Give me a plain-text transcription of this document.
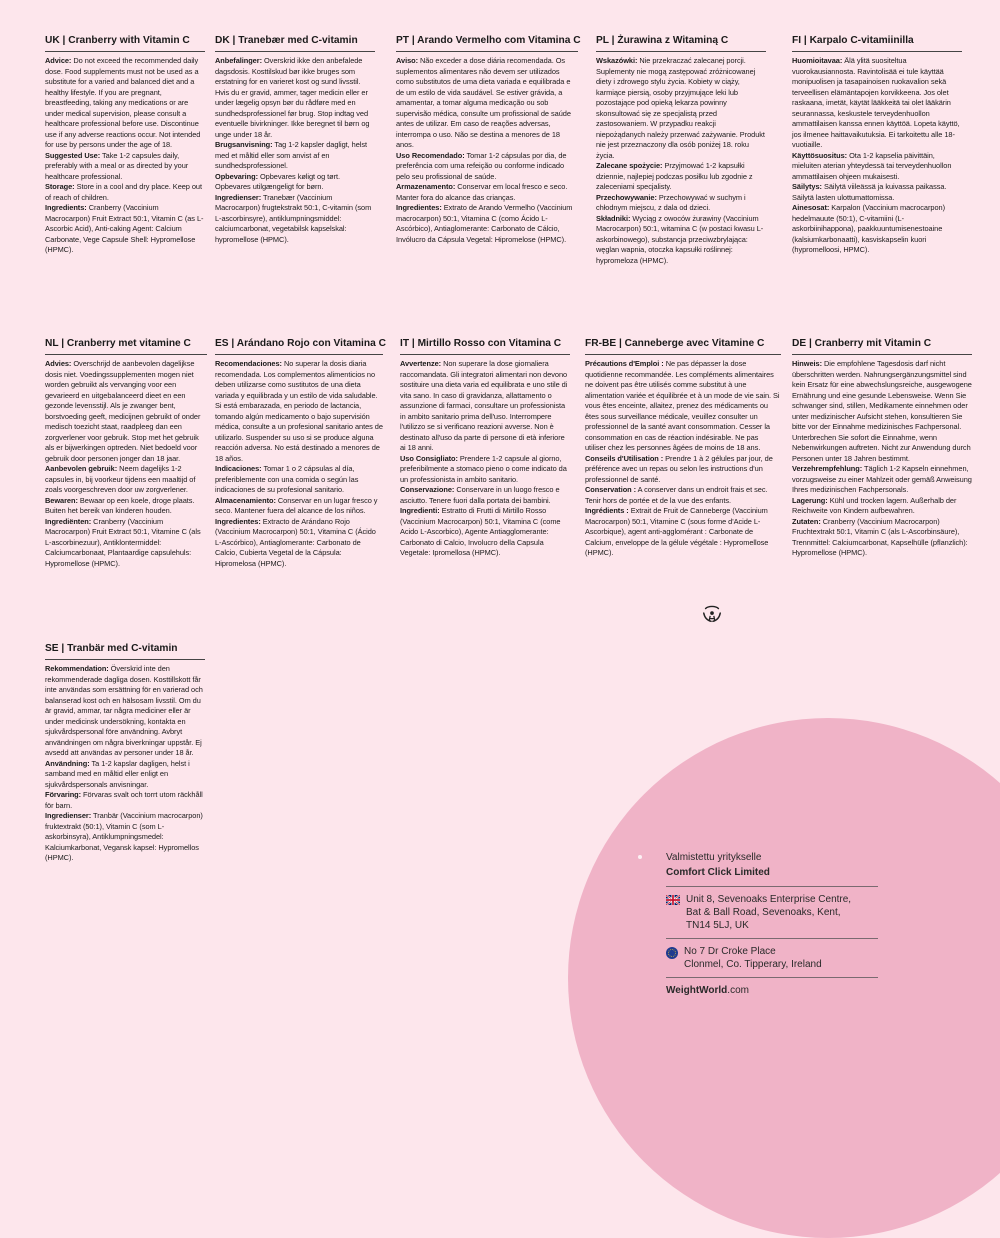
UK | Cranberry with Vitamin C

Advice: Do not exceed the recommended daily dose. Food supplements must not be used as a substitute for a varied and balanced diet and a healthy lifestyle. If you are pregnant, breastfeeding, taking any medications or are under medical supervision, please consult a healthcare professional before use. Discontinue use if any adverse reactions occur. Not intended for use by persons under the age of 18.

Suggested Use: Take 1-2 capsules daily, preferably with a meal or as directed by your healthcare professional.

Storage: Store in a cool and dry place. Keep out of reach of children.

Ingredients: Cranberry (Vaccinium Macrocarpon) Fruit Extract 50:1, Vitamin C (as L-Ascorbic Acid), Anti-caking Agent: Calcium Carbonate, Vege Capsule Shell: Hypromellose (HPMC).

DK | Tranebær med C-vitamin

Anbefalinger: Overskrid ikke den anbefalede dagsdosis. Kosttilskud bør ikke bruges som erstatning for en varieret kost og sund livsstil. Hvis du er gravid, ammer, tager medicin eller er under lægelig opsyn bør du rådføre med en sundhedsprofessionel før brug. Stop indtag ved eventuelle bivirkninger. Ikke beregnet til børn og unge under 18 år.

Brugsanvisning: Tag 1-2 kapsler dagligt, helst med et måltid eller som anvist af en sundhedsprofessionel.

Opbevaring: Opbevares køligt og tørt. Opbevares utilgængeligt for børn.

Ingredienser: Tranebær (Vaccinium Macrocarpon) frugtekstrakt 50:1, C-vitamin (som L-ascorbinsyre), antiklumpningsmiddel: calciumcarbonat, vegetabilsk kapselskal: hypromellose (HPMC).

PT | Arando Vermelho com Vitamina C

Aviso: Não exceder a dose diária recomendada. Os suplementos alimentares não devem ser utilizados como substitutos de uma dieta variada e equilibrada e de um estilo de vida saudável. Se estiver grávida, a amamentar, a tomar alguma medicação ou sob supervisão médica, consulte um profissional de saúde antes de utilizar. Em caso de reações adversas, interrompa o uso. Não se destina a menores de 18 anos.

Uso Recomendado: Tomar 1-2 cápsulas por dia, de preferência com uma refeição ou conforme indicado pelo seu profissional de saúde.

Armazenamento: Conservar em local fresco e seco. Manter fora do alcance das crianças.

Ingredientes: Extrato de Arando Vermelho (Vaccinium macrocarpon) 50:1, Vitamina C (como Ácido L-Ascórbico), Antiaglomerante: Carbonato de Cálcio, Invólucro da Cápsula Vegetal: Hipromelose (HPMC).

PL | Żurawina z Witaminą C

Wskazówki: Nie przekraczać zalecanej porcji. Suplementy nie mogą zastępować zróżnicowanej diety i zdrowego stylu życia. Kobiety w ciąży, karmiące piersią, osoby przyjmujące leki lub pozostające pod opieką lekarza powinny skonsultować się ze specjalistą przed zastosowaniem. W przypadku reakcji niepożądanych należy przerwać zażywanie. Produkt nie jest przeznaczony dla osób poniżej 18. roku życia.

Zalecane spożycie: Przyjmować 1-2 kapsułki dziennie, najlepiej podczas posiłku lub zgodnie z zaleceniami specjalisty.

Przechowywanie: Przechowywać w suchym i chłodnym miejscu, z dala od dzieci.

Składniki: Wyciąg z owoców żurawiny (Vaccinium Macrocarpon) 50:1, witamina C (w postaci kwasu L-askorbinowego), substancja przeciwzbrylająca: węglan wapnia, otoczka kapsułki roślinnej: hypromeloza (HPMC).

FI | Karpalo C-vitamiinilla

Huomioitavaa: Älä ylitä suositeltua vuorokausiannosta. Ravintolisää ei tule käyttää monipuolisen ja tasapainoisen ruokavalion sekä terveellisen elämäntapojen korvikkeena. Jos olet raskaana, imetät, käytät lääkkeitä tai olet lääkärin seurannassa, keskustele terveydenhuollon ammattilaisen kanssa ennen käyttöä. Lopeta käyttö, jos ilmenee haittavaikutuksia. Ei tarkoitettu alle 18-vuotiaille.

Käyttösuositus: Ota 1-2 kapselia päivittäin, mieluiten aterian yhteydessä tai terveydenhuollon ammattilaisen ohjeen mukaisesti.

Säilytys: Säilytä viileässä ja kuivassa paikassa. Säilytä lasten ulottumattomissa.

Ainesosat: Karpalon (Vaccinium macrocarpon) hedelmauute (50:1), C-vitamiini (L-askorbiinihappona), paakkuuntumisenestoaine (kalsiumkarbonaatti), kasviskapselin kuori (hypromelloosi, HPMC).

NL | Cranberry met vitamine C

Advies: Overschrijd de aanbevolen dagelijkse dosis niet. Voedingssupplementen mogen niet worden gebruikt als vervanging voor een gevarieerd en uitgebalanceerd dieet en een gezonde levensstijl. Als je zwanger bent, borstvoeding geeft, medicijnen gebruikt of onder medisch toezicht staat, raadpleeg dan een zorgverlener voor gebruik. Stop met het gebruik als er bijwerkingen optreden. Niet bedoeld voor gebruik door personen jonger dan 18 jaar.

Aanbevolen gebruik: Neem dagelijks 1-2 capsules in, bij voorkeur tijdens een maaltijd of zoals voorgeschreven door uw zorgverlener.

Bewaren: Bewaar op een koele, droge plaats. Buiten het bereik van kinderen houden.

Ingrediënten: Cranberry (Vaccinium Macrocarpon) Fruit Extract 50:1, Vitamine C (als L-ascorbinezuur), Antiklontermiddel: Calciumcarbonaat, Plantaardige capsulehuls: Hypromellose (HPMC).

ES | Arándano Rojo con Vitamina C

Recomendaciones: No superar la dosis diaria recomendada. Los complementos alimenticios no deben utilizarse como sustitutos de una dieta variada y equilibrada y un estilo de vida saludable. Si está embarazada, en periodo de lactancia, tomando algún medicamento o bajo supervisión médica, consulte a un profesional sanitario antes de utilizarlo. Suspender su uso si se produce alguna reacción adversa. No está destinado a menores de 18 años.

Indicaciones: Tomar 1 o 2 cápsulas al día, preferiblemente con una comida o según las indicaciones de su profesional sanitario.

Almacenamiento: Conservar en un lugar fresco y seco. Mantener fuera del alcance de los niños.

Ingredientes: Extracto de Arándano Rojo (Vaccinium Macrocarpon) 50:1, Vitamina C (Ácido L-Ascórbico), Antiaglomerante: Carbonato de Calcio, Cubierta Vegetal de la Cápsula: Hipromelosa (HPMC).

IT | Mirtillo Rosso con Vitamina C

Avvertenze: Non superare la dose giornaliera raccomandata. Gli integratori alimentari non devono sostituire una dieta varia ed equilibrata e uno stile di vita sano. In caso di gravidanza, allattamento o assunzione di farmaci, consultare un professionista in ambito sanitario prima dell'uso. Interrompere l'utilizzo se si verificano reazioni avverse. Non è destinato all'uso da parte di persone di età inferiore ai 18 anni.

Uso Consigliato: Prendere 1-2 capsule al giorno, preferibilmente a stomaco pieno o come indicato da un professionista in ambito sanitario.

Conservazione: Conservare in un luogo fresco e asciutto. Tenere fuori dalla portata dei bambini.

Ingredienti: Estratto di Frutti di Mirtillo Rosso (Vaccinium Macrocarpon) 50:1, Vitamina C (come Acido L-Ascorbico), Agente Antiagglomerante: Carbonato di Calcio, Involucro della Capsula Vegetale: Ipromellosa (HPMC).

FR-BE | Canneberge avec Vitamine C

Précautions d'Emploi : Ne pas dépasser la dose quotidienne recommandée. Les compléments alimentaires ne doivent pas être utilisés comme substitut à une alimentation variée et équilibrée et à un mode de vie sain. Si vous êtes enceinte, allaitez, prenez des médicaments ou êtes sous surveillance médicale, veuillez consulter un professionnel de la santé avant consommation. Cesser la consommation en cas de réaction indésirable. Ne pas utiliser chez les personnes âgées de moins de 18 ans.

Conseils d'Utilisation : Prendre 1 à 2 gélules par jour, de préférence avec un repas ou selon les instructions d'un professionnel de santé.

Conservation : A conserver dans un endroit frais et sec. Tenir hors de portée et de la vue des enfants.

Ingrédients : Extrait de Fruit de Canneberge (Vaccinium Macrocarpon) 50:1, Vitamine C (sous forme d'Acide L-Ascorbique), agent anti-agglomérant : Carbonate de Calcium, enveloppe de la gélule végétale : Hypromellose (HPMC).

DE | Cranberry mit Vitamin C

Hinweis: Die empfohlene Tagesdosis darf nicht überschritten werden. Nahrungsergänzungsmittel sind kein Ersatz für eine abwechslungsreiche, ausgewogene Ernährung und eine gesunde Lebensweise. Wenn Sie schwanger sind, stillen, Medikamente einnehmen oder unter medizinischer Aufsicht stehen, konsultieren Sie bitte vor der Einnahme medizinisches Fachpersonal. Unterbrechen Sie sofort die Einnahme, wenn Nebenwirkungen auftreten. Nicht zur Anwendung durch Personen unter 18 Jahren bestimmt.

Verzehrempfehlung: Täglich 1-2 Kapseln einnehmen, vorzugsweise zu einer Mahlzeit oder gemäß Anweisung Ihres medizinischen Fachpersonals.

Lagerung: Kühl und trocken lagern. Außerhalb der Reichweite von Kindern aufbewahren.

Zutaten: Cranberry (Vaccinium Macrocarpon) Fruchtextrakt 50:1, Vitamin C (als L-Ascorbinsäure), Trennmittel: Calciumcarbonat, Kapselhülle (pflanzlich): Hypromellose (HPMC).

SE | Tranbär med C-vitamin

Rekommendation: Överskrid inte den rekommenderade dagliga dosen. Kosttillskott får inte användas som ersättning för en varierad och balanserad kost och en hälsosam livsstil. Om du är gravid, ammar, tar några mediciner eller är under medicinsk undersökning, kontakta en sjukvårdspersonal före användning. Avbryt användningen om några biverkningar uppstår. Ej avsedd att användas av personer under 18 år.

Användning: Ta 1-2 kapslar dagligen, helst i samband med en måltid eller enligt en sjukvårdspersonals anvisningar.

Förvaring: Förvaras svalt och torrt utom räckhåll för barn.

Ingredienser: Tranbär (Vaccinium macrocarpon) fruktextrakt (50:1), Vitamin C (som L-askorbinsyra), Antiklumpningsmedel: Kalciumkarbonat, Vegansk kapsel: Hypromellos (HPMC).	Valmistettu yritykselle

Comfort Click Limited

Unit 8, Sevenoaks Enterprise Centre,
Bat & Ball Road, Sevenoaks, Kent,
TN14 5LJ, UK
No 7 Dr Croke Place
Clonmel, Co. Tipperary, Ireland
WeightWorld.com
